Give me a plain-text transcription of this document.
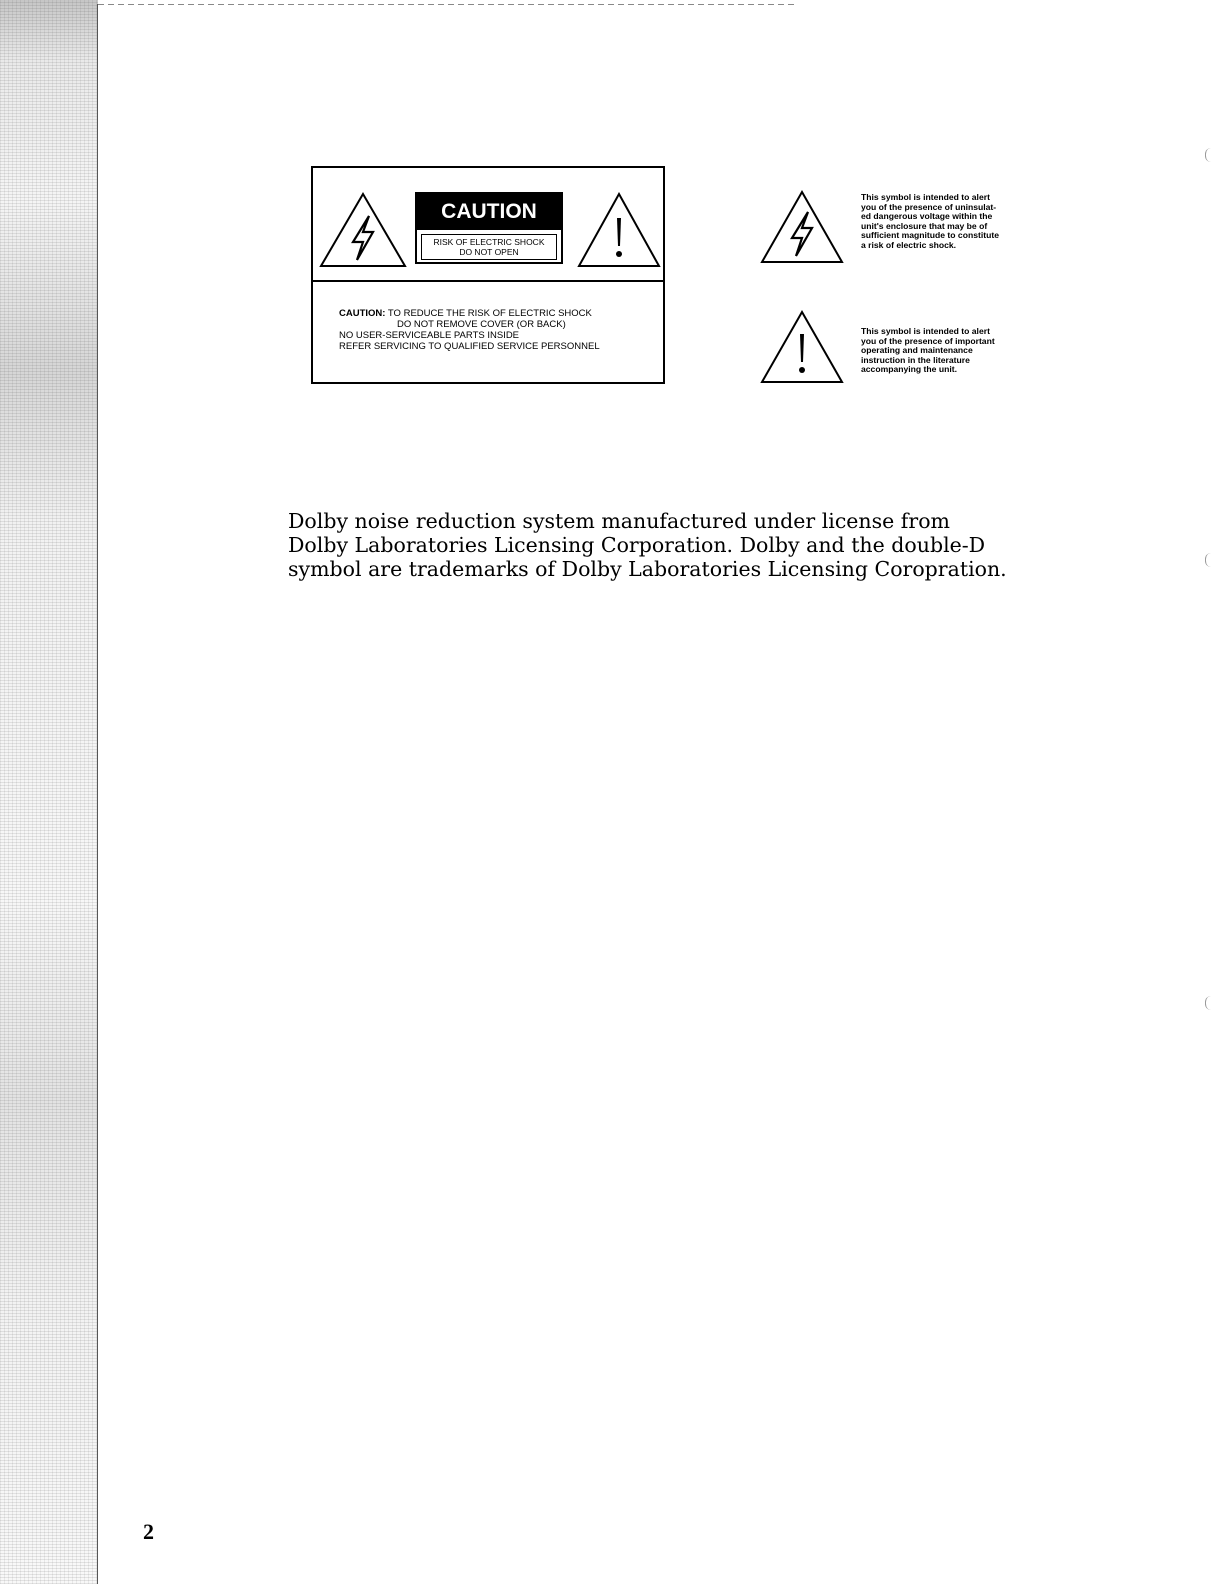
CAUTION
RISK OF ELECTRIC SHOCK
DO NOT OPEN
CAUTION: TO REDUCE THE RISK OF ELECTRIC SHOCK
DO NOT REMOVE COVER (OR BACK)
NO USER-SERVICEABLE PARTS INSIDE
REFER SERVICING TO QUALIFIED SERVICE PERSONNEL
This symbol is intended to alert
you of the presence of uninsulat-
ed dangerous voltage within the
unit's enclosure that may be of
sufficient magnitude to constitute
a risk of electric shock.
This symbol is intended to alert
you of the presence of important
operating and maintenance
instruction in the literature
accompanying the unit.
Dolby noise reduction system manufactured under license from
Dolby Laboratories Licensing Corporation. Dolby and the double-D
symbol are trademarks of Dolby Laboratories Licensing Coropration.
2
